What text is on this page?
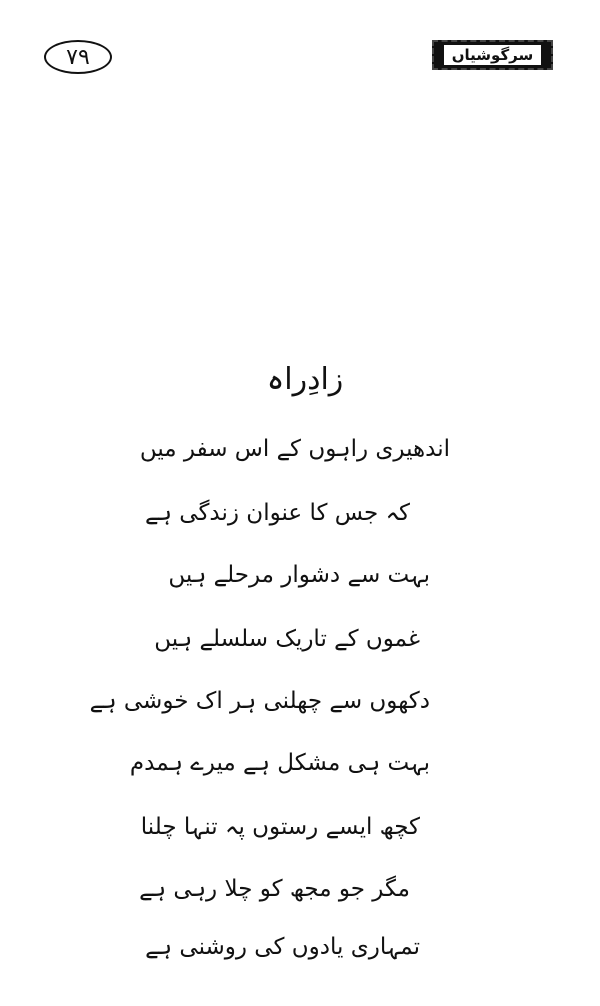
۷۹	سرگوشیاں
زادِراہ
اندھیری راہوں کے اس سفر میں
کہ جس کا عنوان زندگی ہے
بہت سے دشوار مرحلے ہیں
غموں کے تاریک سلسلے ہیں
دکھوں سے چھلنی ہر اک خوشی ہے
بہت ہی مشکل ہے میرے ہمدم
کچھ ایسے رستوں پہ تنہا چلنا
مگر جو مجھ کو چلا رہی ہے
تمہاری یادوں کی روشنی ہے
